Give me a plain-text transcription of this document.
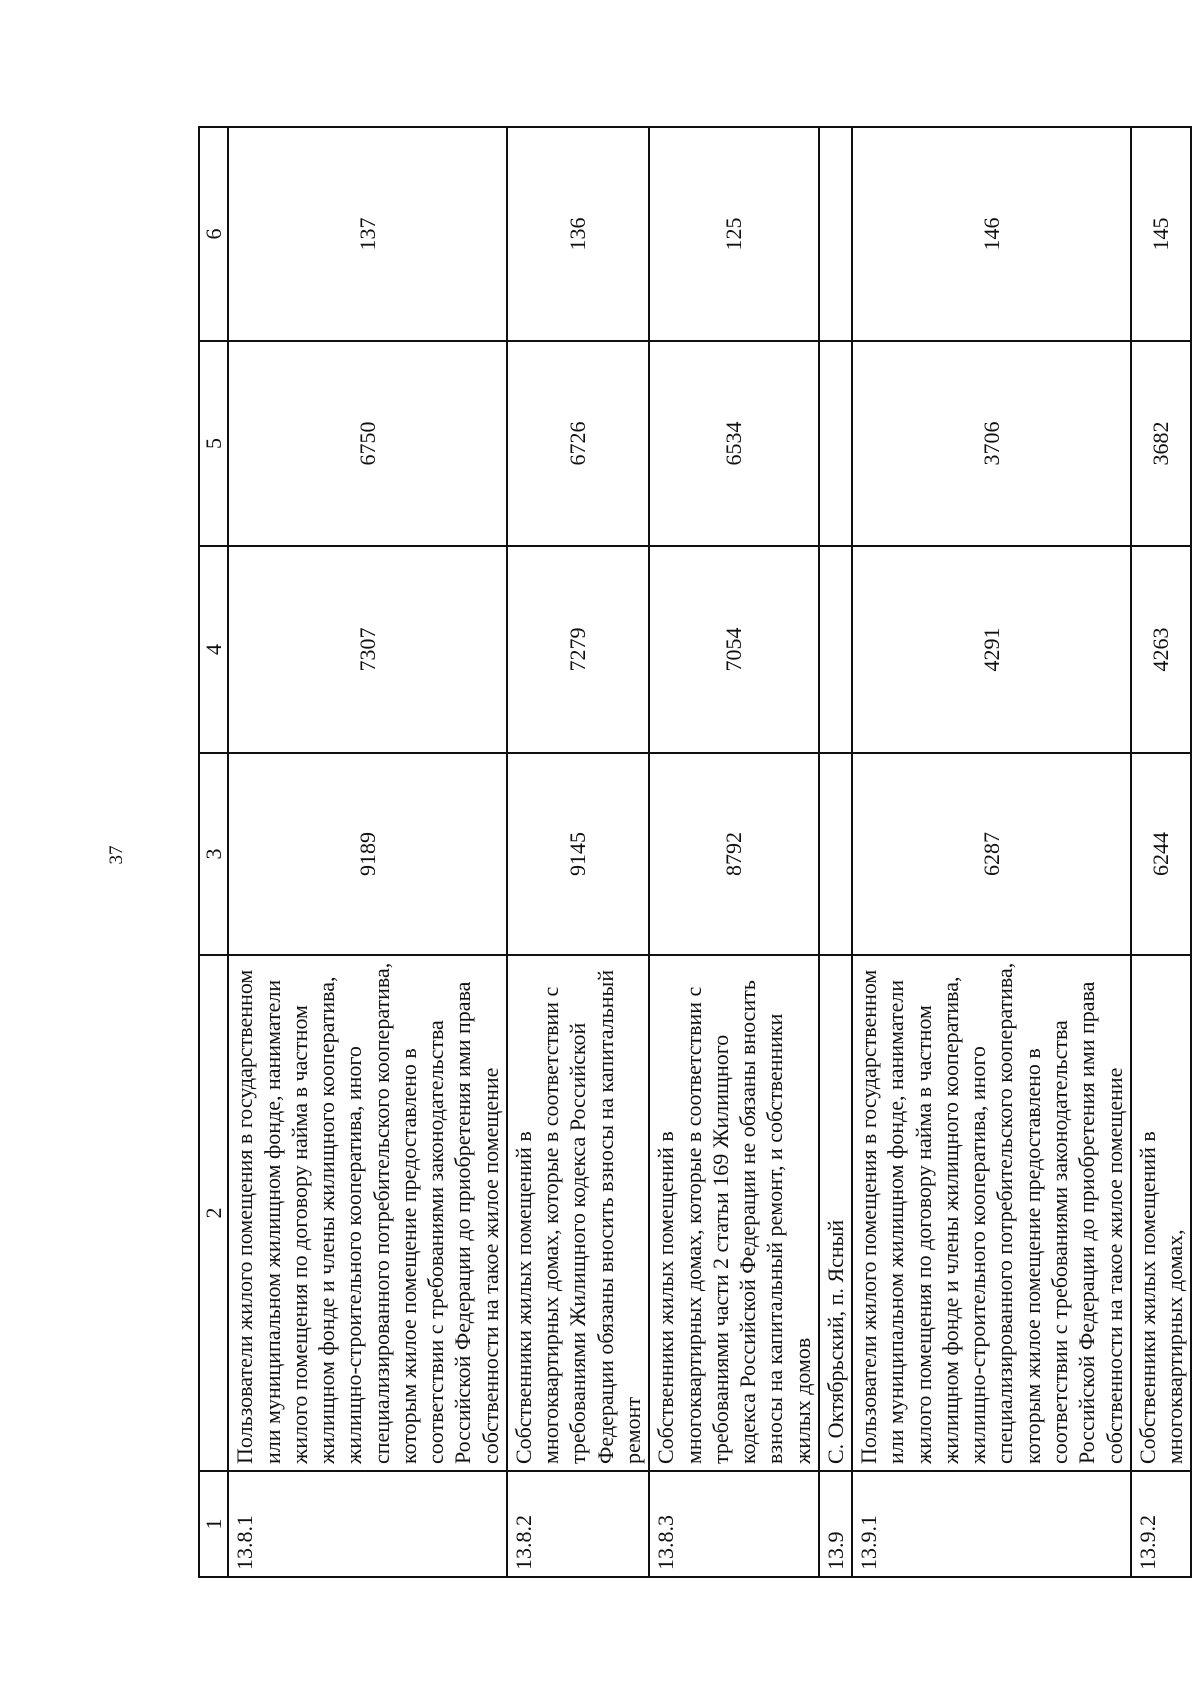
37
1	2	3	4	5	6
13.8.1	Пользователи жилого помещения в государственном или муниципальном жилищном фонде, наниматели жилого помещения по договору найма в частном жилищном фонде и члены жилищного кооператива, жилищно-строительного кооператива, иного специализированного потребительского кооператива, которым жилое помещение предоставлено в соответствии с требованиями законодательства Российской Федерации до приобретения ими права собственности на такое жилое помещение	9189	7307	6750	137
13.8.2	Собственники жилых помещений в многоквартирных домах, которые в соответствии с требованиями Жилищного кодекса Российской Федерации обязаны вносить взносы на капитальный ремонт	9145	7279	6726	136
13.8.3	Собственники жилых помещений в многоквартирных домах, которые в соответствии с требованиями части 2 статьи 169 Жилищного кодекса Российской Федерации не обязаны вносить взносы на капитальный ремонт, и собственники жилых домов	8792	7054	6534	125
13.9	С. Октябрьский, п. Ясный				
13.9.1	Пользователи жилого помещения в государственном или муниципальном жилищном фонде, наниматели жилого помещения по договору найма в частном жилищном фонде и члены жилищного кооператива, жилищно-строительного кооператива, иного специализированного потребительского кооператива, которым жилое помещение предоставлено в соответствии с требованиями законодательства Российской Федерации до приобретения ими права собственности на такое жилое помещение	6287	4291	3706	146
13.9.2	Собственники жилых помещений в многоквартирных домах,	6244	4263	3682	145
